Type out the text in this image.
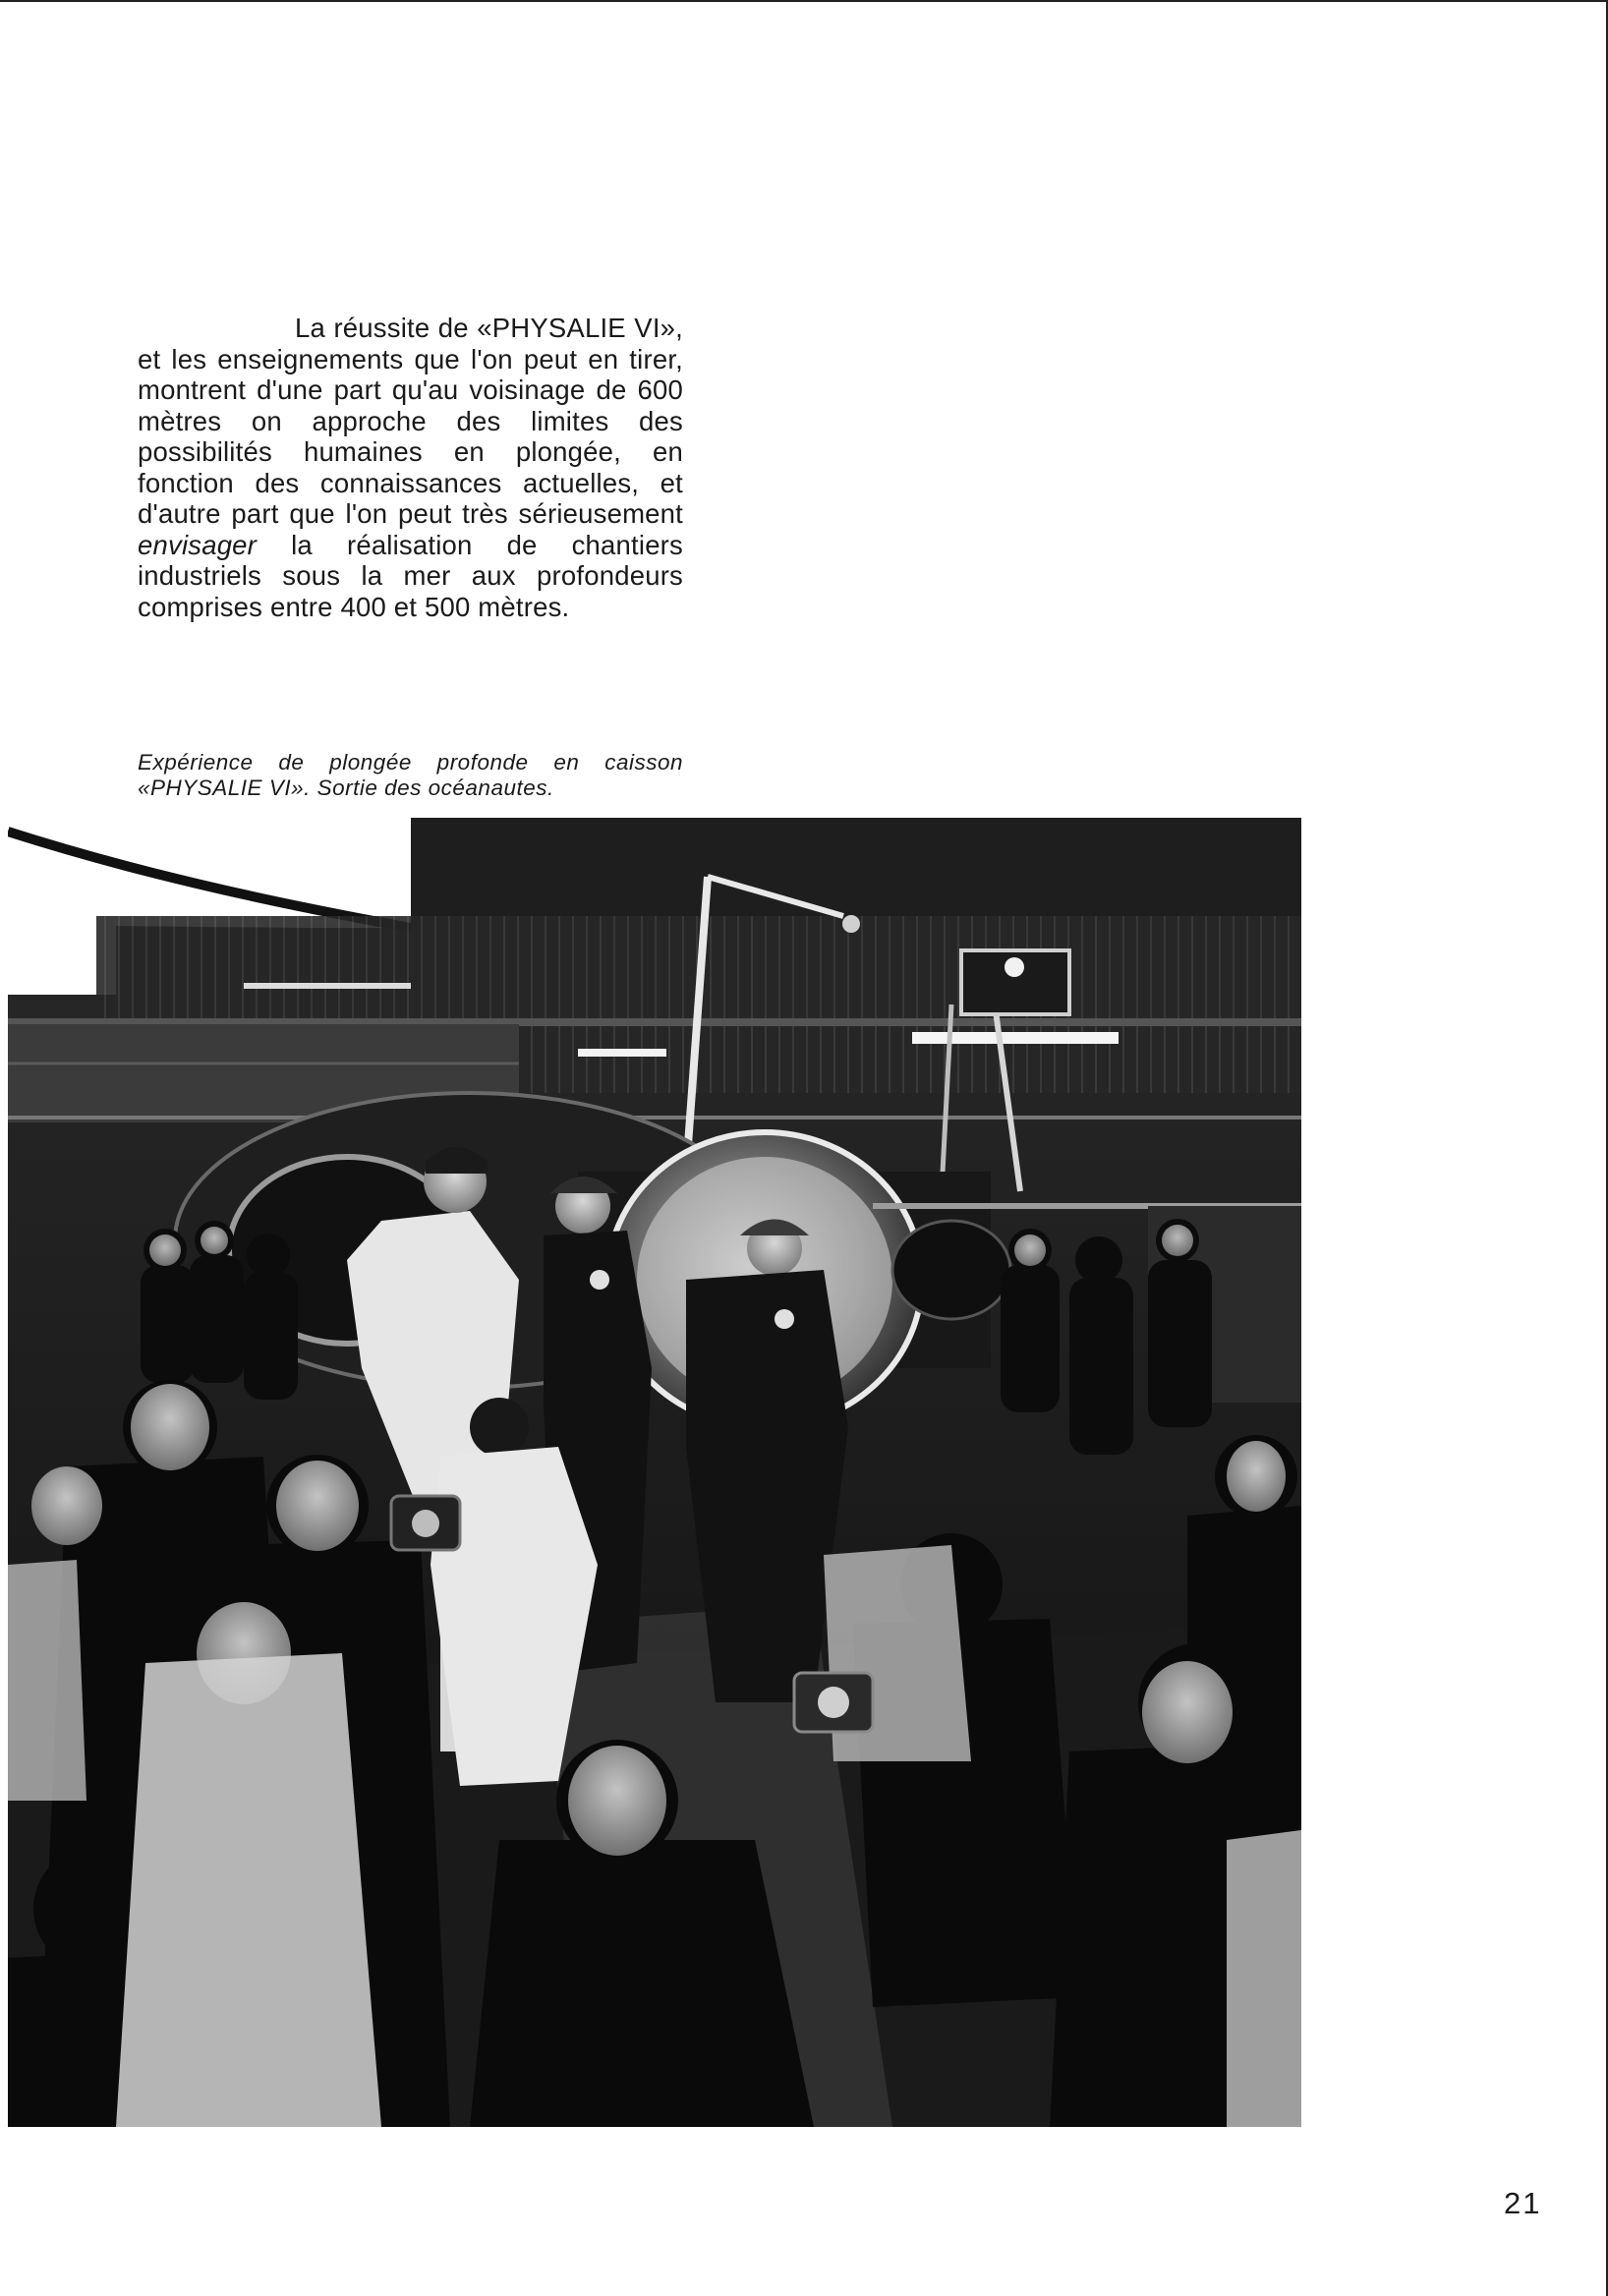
La réussite de «PHYSALIE VI», et les enseignements que l'on peut en tirer, montrent d'une part qu'au voisinage de 600 mètres on approche des limites des possibilités humaines en plongée, en fonction des connaissances actuelles, et d'autre part que l'on peut très sérieusement envisager la réalisation de chantiers industriels sous la mer aux profondeurs comprises entre 400 et 500 mètres.

Expérience de plongée profonde en caisson «PHYSALIE VI». Sortie des océanautes.
21
